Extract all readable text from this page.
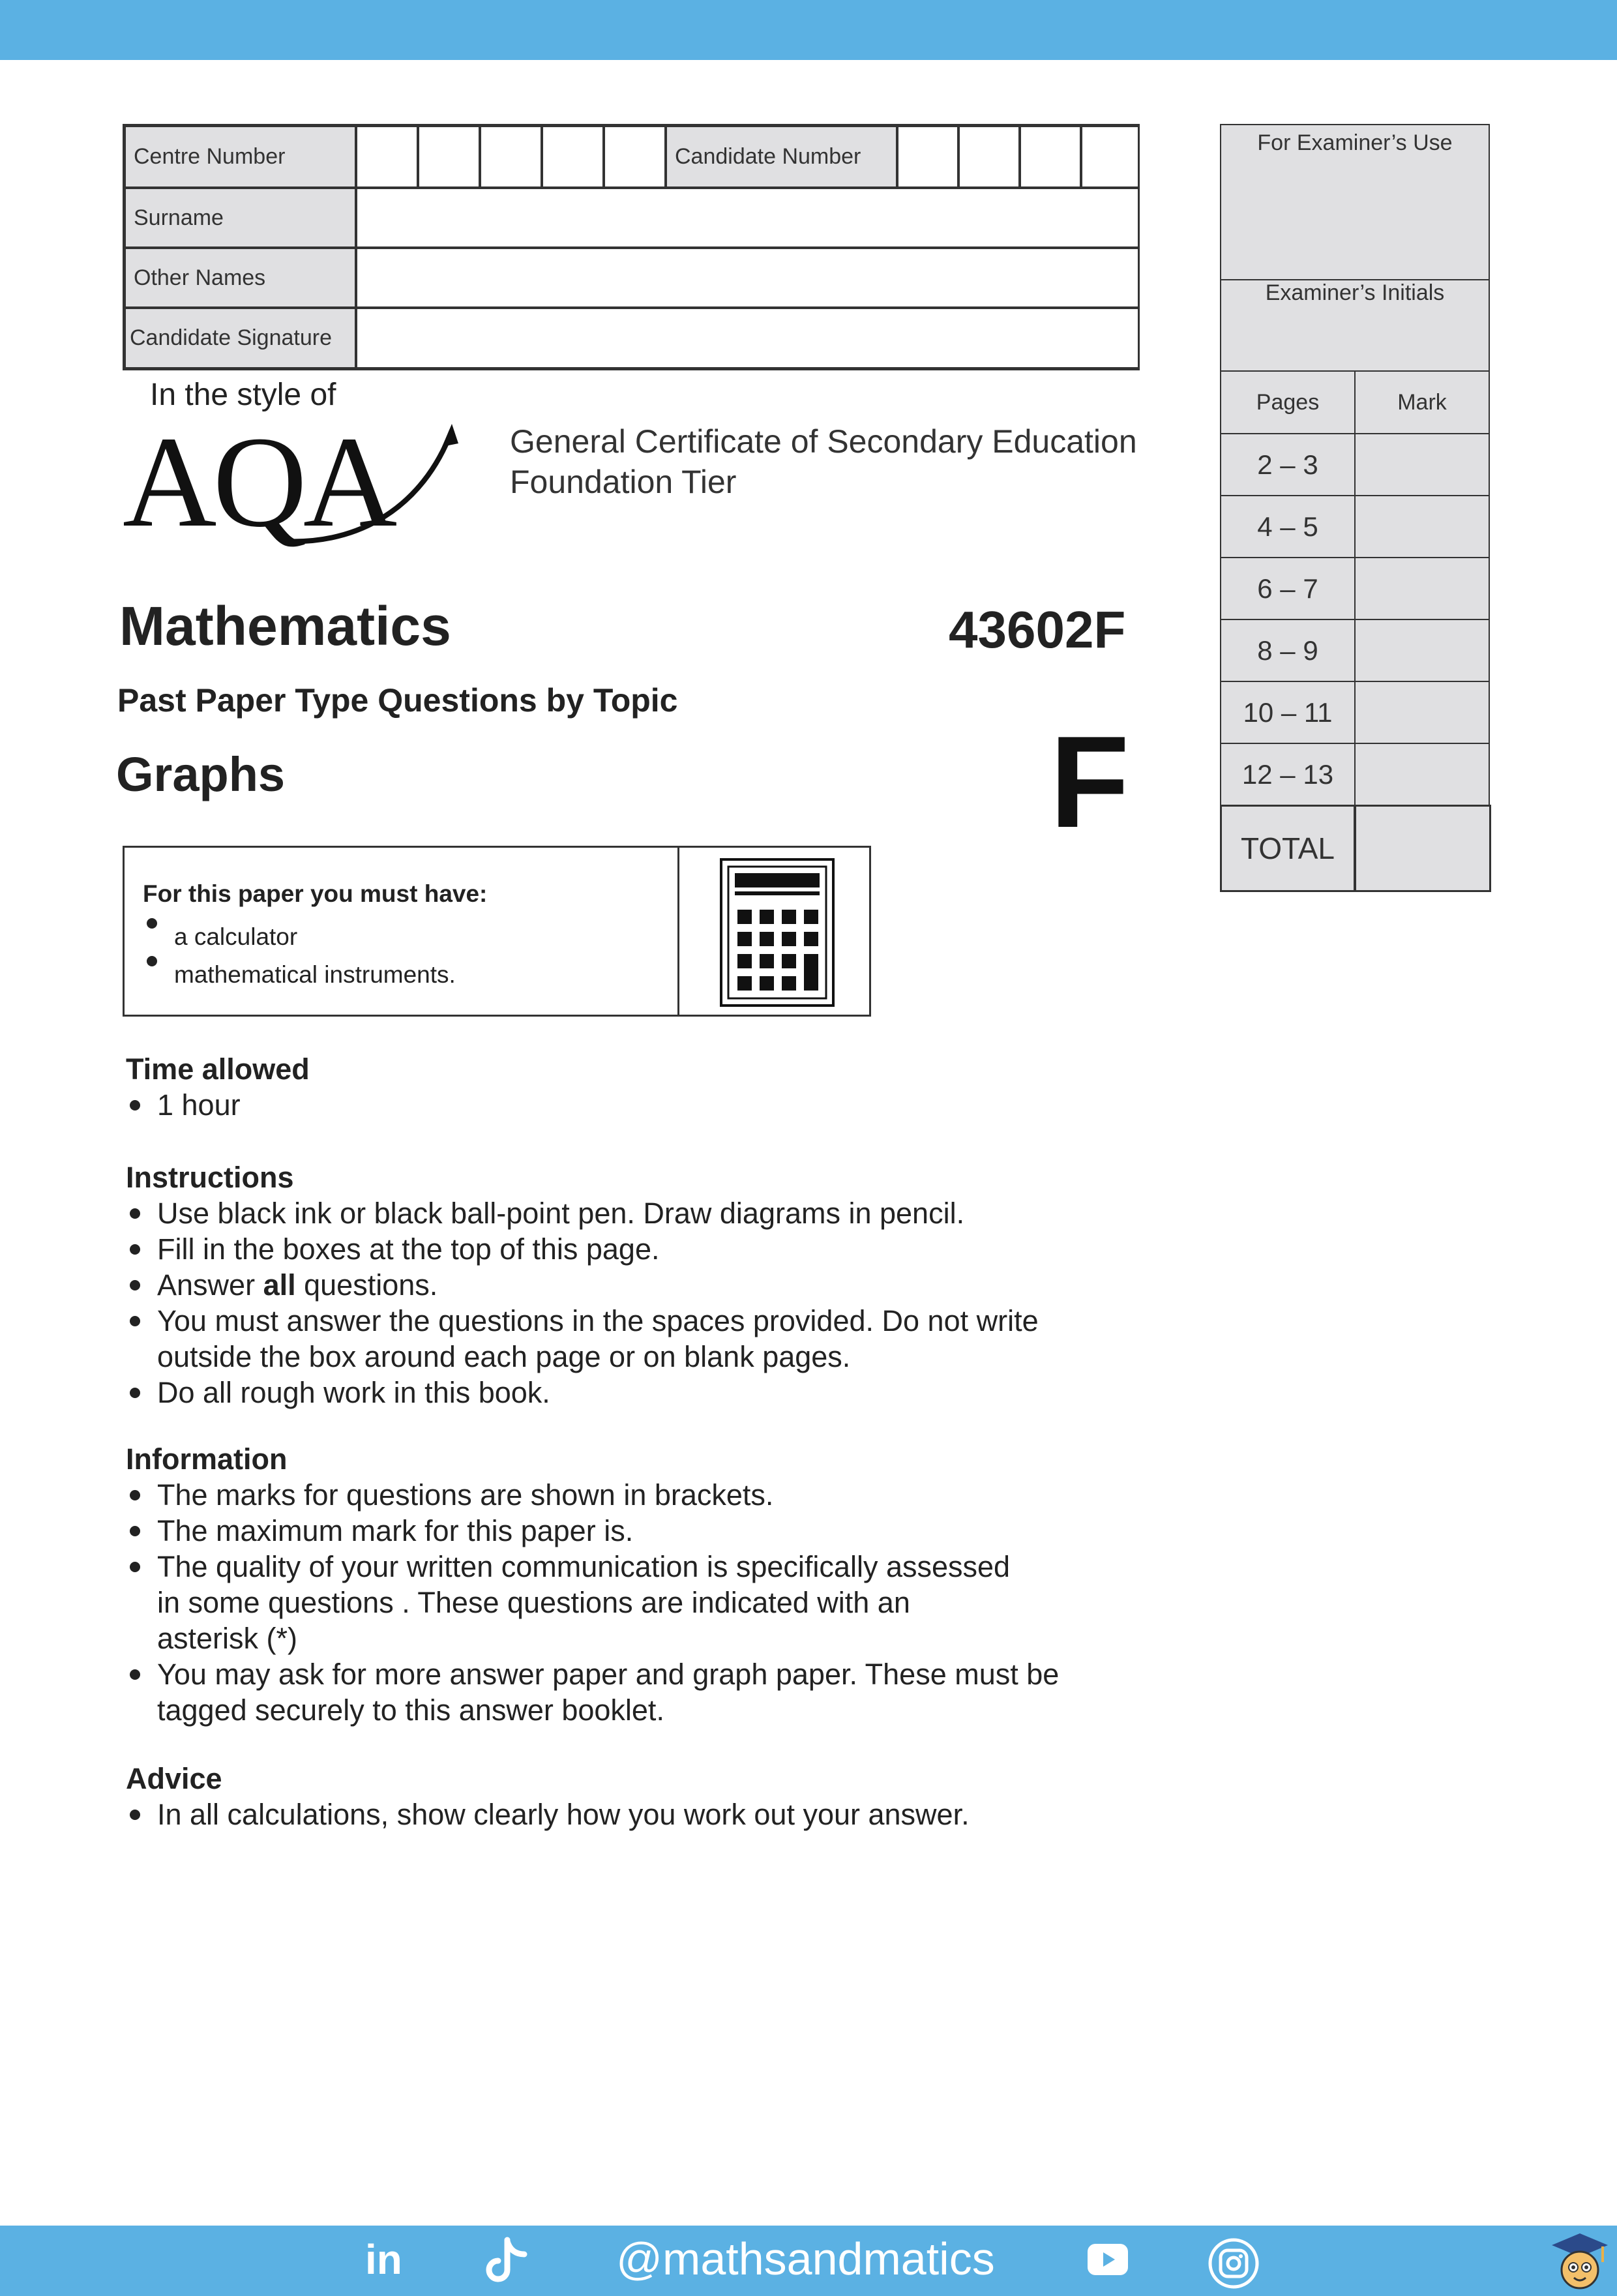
Centre Number	Candidate Number
Surname
Other Names
Candidate Signature
For Examiner’s Use
Examiner’s Initials
Pages	Mark
2 – 3
4 – 5
6 – 7
8 – 9
10 – 11
12 – 13
TOTAL
In the style of
AQA	General Certificate of Secondary Education
Foundation Tier
Mathematics	43602F
Past Paper Type Questions by Topic
Graphs	F
For this paper you must have:
a calculator
mathematical instruments.
Time allowed
1 hour
Instructions
Use black ink or black ball-point pen. Draw diagrams in pencil.
Fill in the boxes at the top of this page.
Answer all questions.
You must answer the questions in the spaces provided. Do not write
outside the box around each page or on blank pages.
Do all rough work in this book.
Information
The marks for questions are shown in brackets.
The maximum mark for this paper is.
The quality of your written communication is specifically assessed
in some questions . These questions are indicated with an
asterisk (*)
You may ask for more answer paper and graph paper. These must be
tagged securely to this answer booklet.
Advice
In all calculations, show clearly how you work out your answer.
in	@mathsandmatics
